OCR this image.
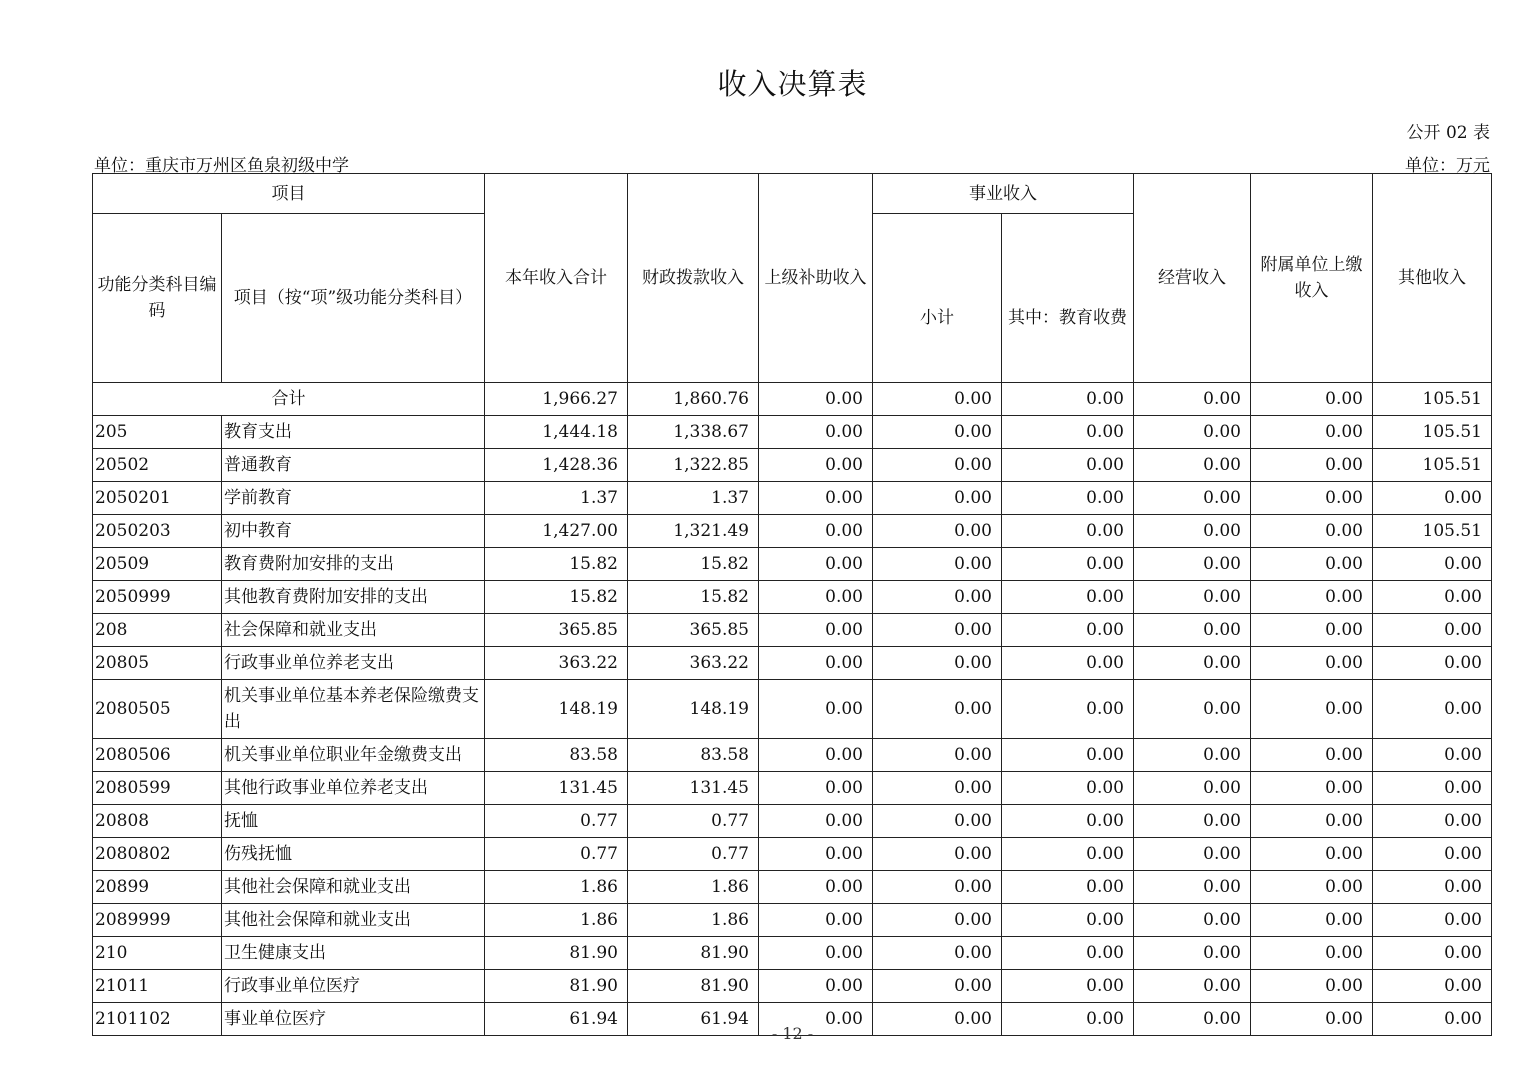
收入决算表
公开 02 表
单位：重庆市万州区鱼泉初级中学	单位：万元
项目		本年收入合计	财政拨款收入	上级补助收入	事业收入		经营收入	附属单位上缴收入	其他收入
功能分类科目编码	项目（按“项”级功能分类科目）				小计	其中：教育收费			
合计		1,966.27	1,860.76	0.00	0.00	0.00	0.00	0.00	105.51
205	教育支出	1,444.18	1,338.67	0.00	0.00	0.00	0.00	0.00	105.51
20502	普通教育	1,428.36	1,322.85	0.00	0.00	0.00	0.00	0.00	105.51
2050201	学前教育	1.37	1.37	0.00	0.00	0.00	0.00	0.00	0.00
2050203	初中教育	1,427.00	1,321.49	0.00	0.00	0.00	0.00	0.00	105.51
20509	教育费附加安排的支出	15.82	15.82	0.00	0.00	0.00	0.00	0.00	0.00
2050999	其他教育费附加安排的支出	15.82	15.82	0.00	0.00	0.00	0.00	0.00	0.00
208	社会保障和就业支出	365.85	365.85	0.00	0.00	0.00	0.00	0.00	0.00
20805	行政事业单位养老支出	363.22	363.22	0.00	0.00	0.00	0.00	0.00	0.00
2080505	机关事业单位基本养老保险缴费支出	148.19	148.19	0.00	0.00	0.00	0.00	0.00	0.00
2080506	机关事业单位职业年金缴费支出	83.58	83.58	0.00	0.00	0.00	0.00	0.00	0.00
2080599	其他行政事业单位养老支出	131.45	131.45	0.00	0.00	0.00	0.00	0.00	0.00
20808	抚恤	0.77	0.77	0.00	0.00	0.00	0.00	0.00	0.00
2080802	伤残抚恤	0.77	0.77	0.00	0.00	0.00	0.00	0.00	0.00
20899	其他社会保障和就业支出	1.86	1.86	0.00	0.00	0.00	0.00	0.00	0.00
2089999	其他社会保障和就业支出	1.86	1.86	0.00	0.00	0.00	0.00	0.00	0.00
210	卫生健康支出	81.90	81.90	0.00	0.00	0.00	0.00	0.00	0.00
21011	行政事业单位医疗	81.90	81.90	0.00	0.00	0.00	0.00	0.00	0.00
2101102	事业单位医疗	61.94	61.94	0.00	0.00	0.00	0.00	0.00	0.00
- 12 -
